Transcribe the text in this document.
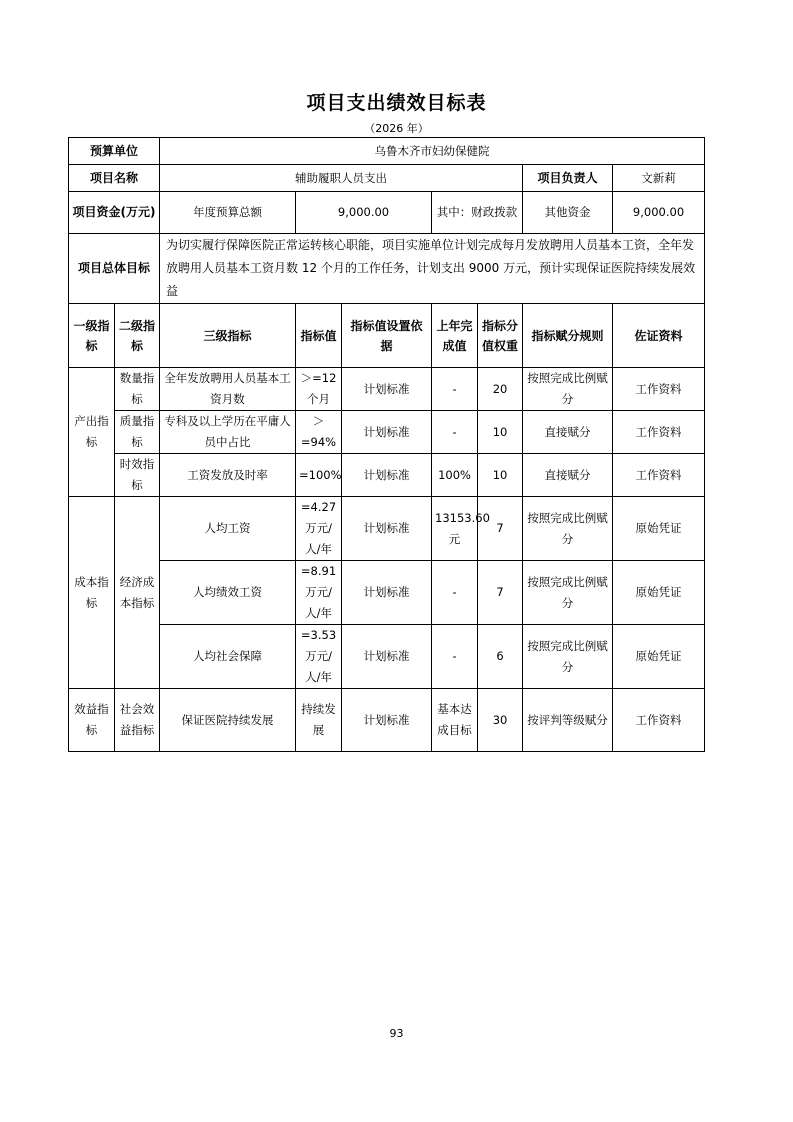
项目支出绩效目标表
（2026 年）
预算单位		乌鲁木齐市妇幼保健院						
项目名称		辅助履职人员支出					项目负责人	文新莉
项目资金(万元)		年度预算总额	9,000.00		其中：财政拨款		其他资金	9,000.00
项目总体目标		为切实履行保障医院正常运转核心职能，项目实施单位计划完成每月发放聘用人员基本工资，全年发放聘用人员基本工资月数 12 个月的工作任务，计划支出 9000 万元，预计实现保证医院持续发展效益						
一级指标	二级指标	三级指标	指标值	指标值设置依据	上年完成值	指标分值权重	指标赋分规则	佐证资料
产出指标	数量指标	全年发放聘用人员基本工资月数	＞=12个月	计划标准	-	20	按照完成比例赋分	工作资料
	质量指标	专科及以上学历在平庸人员中占比	＞=94%	计划标准	-	10	直接赋分	工作资料
	时效指标	工资发放及时率	=100%	计划标准	100%	10	直接赋分	工作资料
成本指标	经济成本指标	人均工资	=4.27万元/人/年	计划标准	13153.60元	7	按照完成比例赋分	原始凭证
		人均绩效工资	=8.91万元/人/年	计划标准	-	7	按照完成比例赋分	原始凭证
		人均社会保障	=3.53万元/人/年	计划标准	-	6	按照完成比例赋分	原始凭证
效益指标	社会效益指标	保证医院持续发展	持续发展	计划标准	基本达成目标	30	按评判等级赋分	工作资料
93
